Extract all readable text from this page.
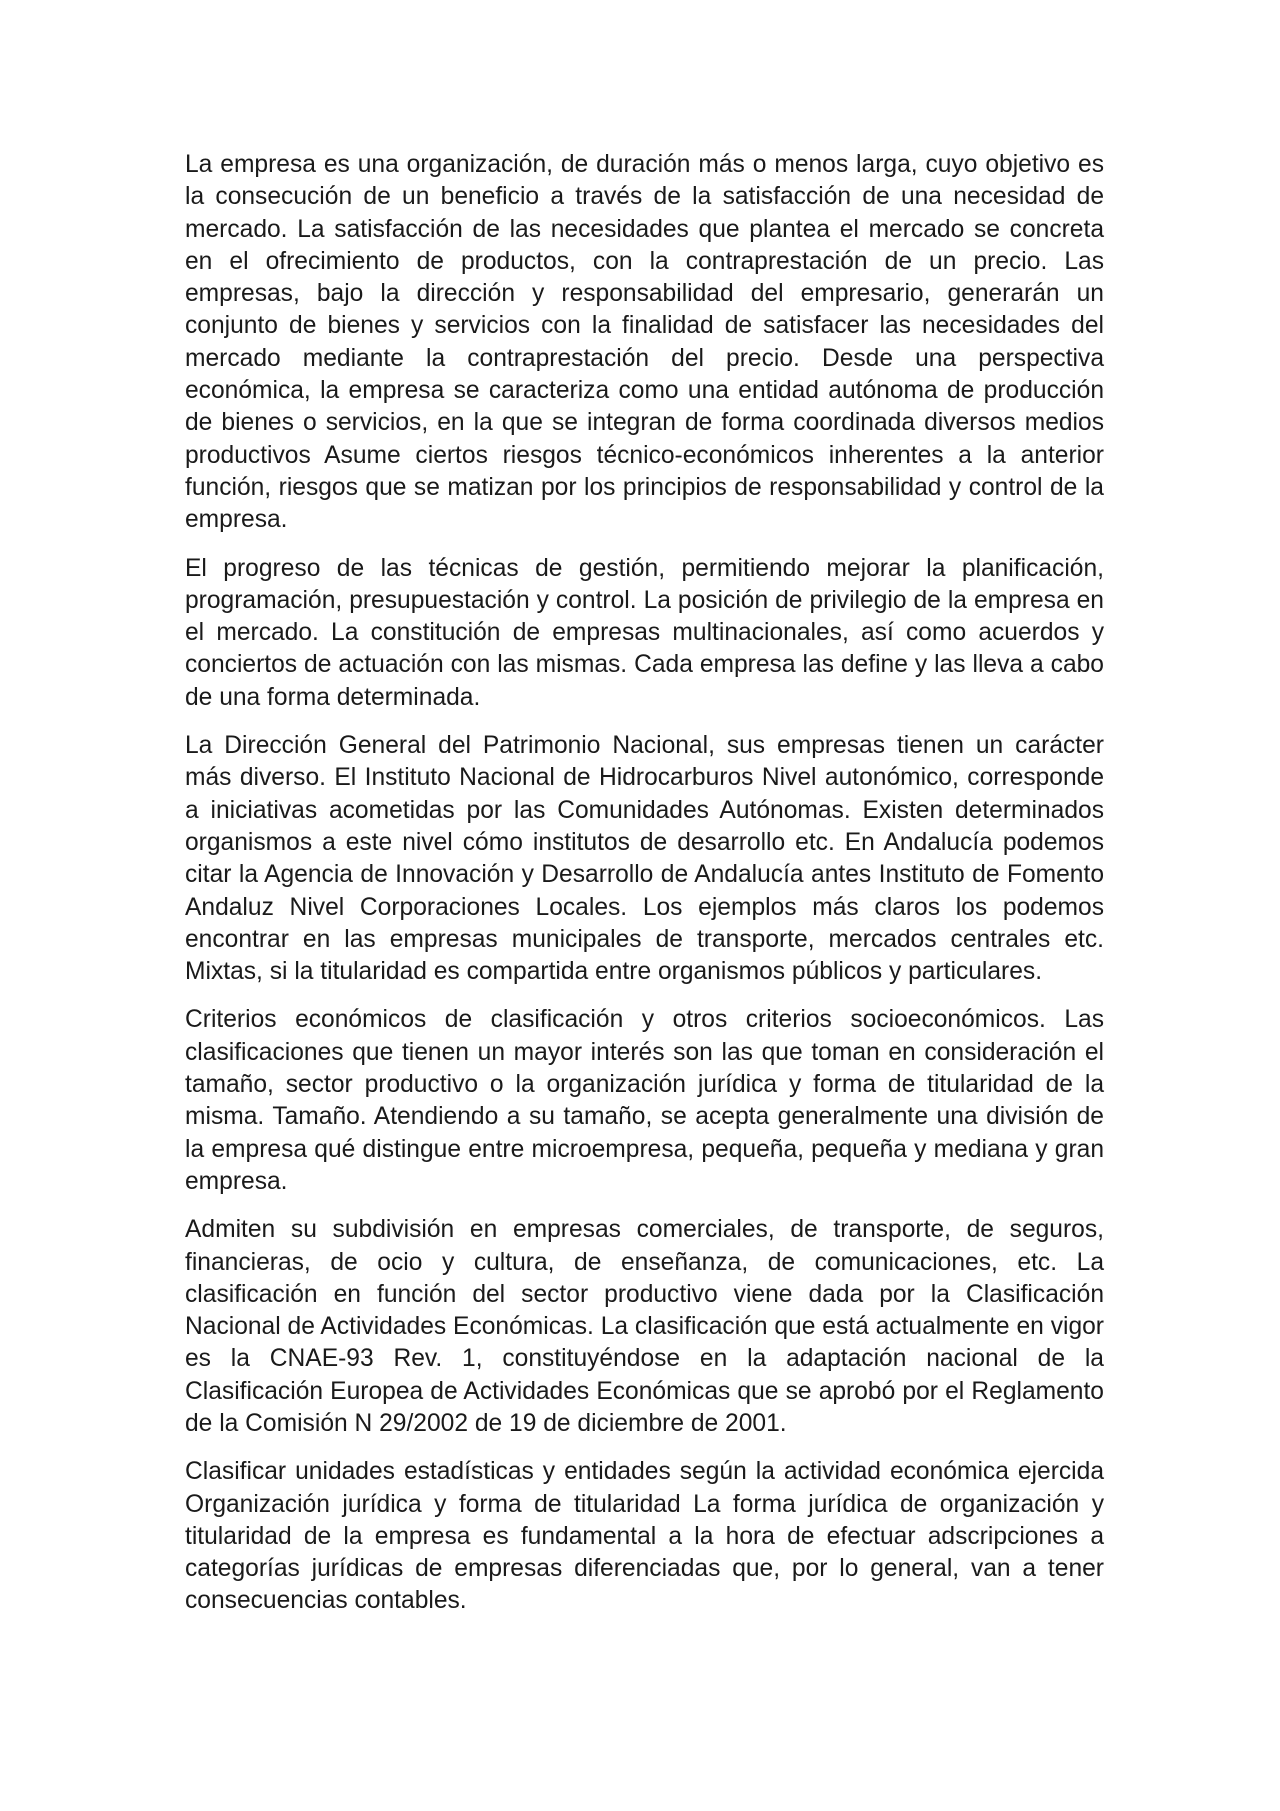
La empresa es una organización, de duración más o menos larga, cuyo objetivo es la consecución de un beneficio a través de la satisfacción de una necesidad de mercado. La satisfacción de las necesidades que plantea el mercado se concreta en el ofrecimiento de productos, con la contraprestación de un precio. Las empresas, bajo la dirección y responsabilidad del empresario, generarán un conjunto de bienes y servicios con la finalidad de satisfacer las necesidades del mercado mediante la contraprestación del precio. Desde una perspectiva económica, la empresa se caracteriza como una entidad autónoma de producción de bienes o servicios, en la que se integran de forma coordinada diversos medios productivos Asume ciertos riesgos técnico-económicos inherentes a la anterior función, riesgos que se matizan por los principios de responsabilidad y control de la empresa.

El progreso de las técnicas de gestión, permitiendo mejorar la planificación, programación, presupuestación y control. La posición de privilegio de la empresa en el mercado. La constitución de empresas multinacionales, así como acuerdos y conciertos de actuación con las mismas. Cada empresa las define y las lleva a cabo de una forma determinada.

La Dirección General del Patrimonio Nacional, sus empresas tienen un carácter más diverso. El Instituto Nacional de Hidrocarburos Nivel autonómico, corresponde a iniciativas acometidas por las Comunidades Autónomas. Existen determinados organismos a este nivel cómo institutos de desarrollo etc. En Andalucía podemos citar la Agencia de Innovación y Desarrollo de Andalucía antes Instituto de Fomento Andaluz Nivel Corporaciones Locales. Los ejemplos más claros los podemos encontrar en las empresas municipales de transporte, mercados centrales etc. Mixtas, si la titularidad es compartida entre organismos públicos y particulares.

Criterios económicos de clasificación y otros criterios socioeconómicos. Las clasificaciones que tienen un mayor interés son las que toman en consideración el tamaño, sector productivo o la organización jurídica y forma de titularidad de la misma. Tamaño. Atendiendo a su tamaño, se acepta generalmente una división de la empresa qué distingue entre microempresa, pequeña, pequeña y mediana y gran empresa.

Admiten su subdivisión en empresas comerciales, de transporte, de seguros, financieras, de ocio y cultura, de enseñanza, de comunicaciones, etc. La clasificación en función del sector productivo viene dada por la Clasificación Nacional de Actividades Económicas. La clasificación que está actualmente en vigor es la CNAE-93 Rev. 1, constituyéndose en la adaptación nacional de la Clasificación Europea de Actividades Económicas que se aprobó por el Reglamento de la Comisión N 29/2002 de 19 de diciembre de 2001.

Clasificar unidades estadísticas y entidades según la actividad económica ejercida Organización jurídica y forma de titularidad La forma jurídica de organización y titularidad de la empresa es fundamental a la hora de efectuar adscripciones a categorías jurídicas de empresas diferenciadas que, por lo general, van a tener consecuencias contables.
